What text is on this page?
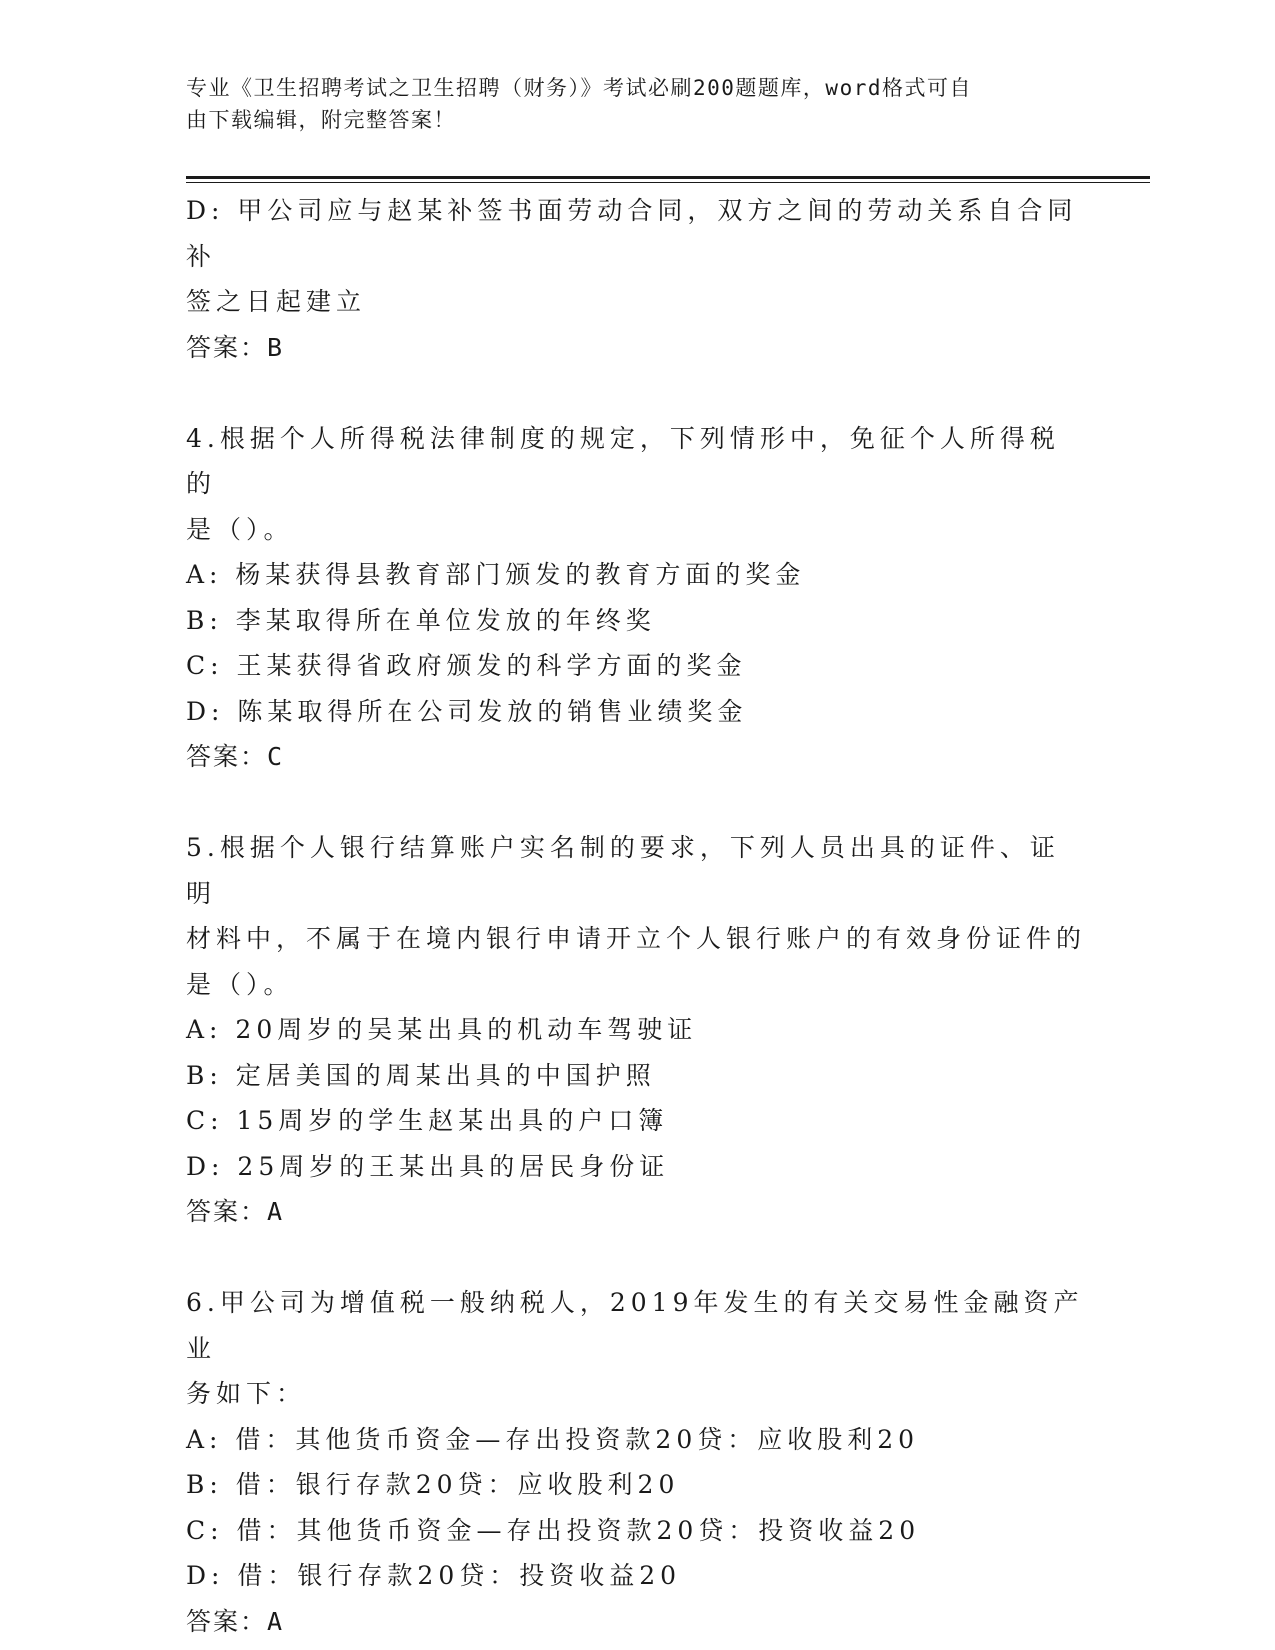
专业《卫生招聘考试之卫生招聘（财务）》考试必刷200题题库，word格式可自
由下载编辑，附完整答案！
D: 甲公司应与赵某补签书面劳动合同，双方之间的劳动关系自合同补
签之日起建立
答案：B
4.根据个人所得税法律制度的规定，下列情形中，免征个人所得税的
是（）。
A: 杨某获得县教育部门颁发的教育方面的奖金
B: 李某取得所在单位发放的年终奖
C: 王某获得省政府颁发的科学方面的奖金
D: 陈某取得所在公司发放的销售业绩奖金
答案：C
5.根据个人银行结算账户实名制的要求，下列人员出具的证件、证明
材料中，不属于在境内银行申请开立个人银行账户的有效身份证件的
是（）。
A: 20周岁的吴某出具的机动车驾驶证
B: 定居美国的周某出具的中国护照
C: 15周岁的学生赵某出具的户口簿
D: 25周岁的王某出具的居民身份证
答案：A
6.甲公司为增值税一般纳税人，2019年发生的有关交易性金融资产业
务如下：
A: 借：其他货币资金—存出投资款20贷：应收股利20
B: 借：银行存款20贷：应收股利20
C: 借：其他货币资金—存出投资款20贷：投资收益20
D: 借：银行存款20贷：投资收益20
答案：A
